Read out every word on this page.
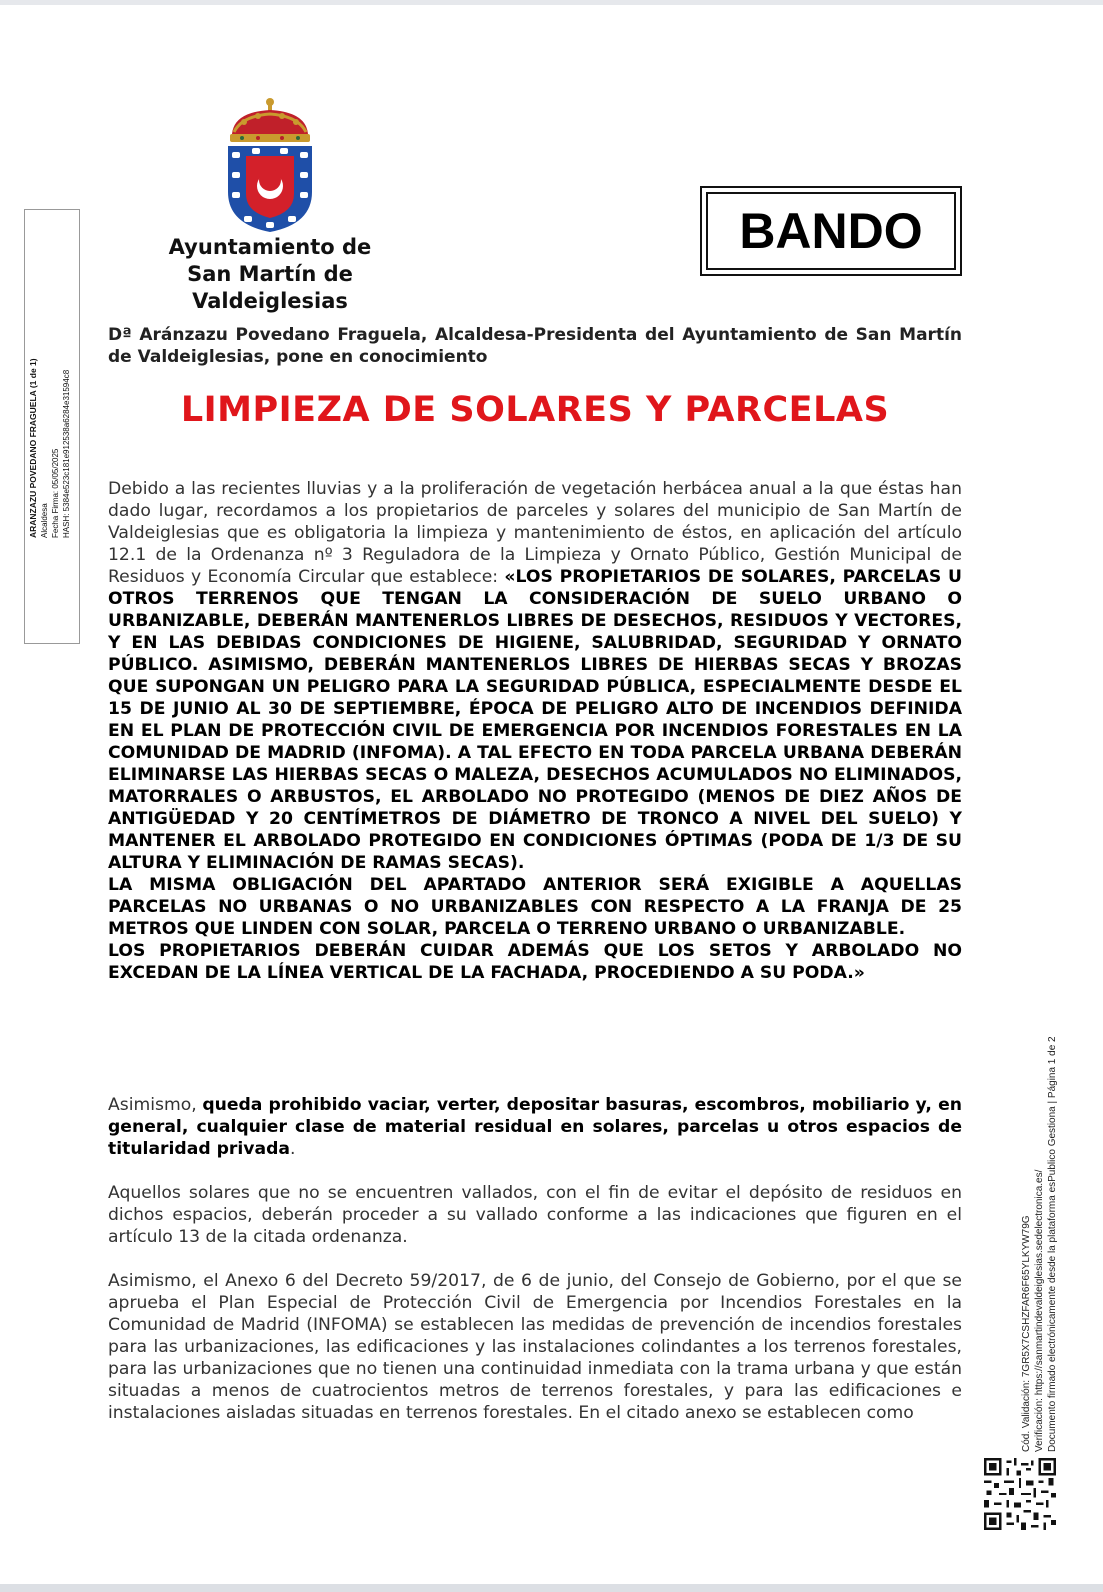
Ayuntamiento de
San Martín de Valdeiglesias
BANDO
ARANZAZU POVEDANO FRAGUELA (1 de 1) Alcaldesa Fecha Firma: 05/05/2025 HASH: 5384e523c181e912538a6284e31594c8
Dª Aránzazu Povedano Fraguela, Alcaldesa-Presidenta del Ayuntamiento de San Martín de Valdeiglesias, pone en conocimiento
LIMPIEZA DE SOLARES Y PARCELAS

Debido a las recientes lluvias y a la proliferación de vegetación herbácea anual a la que éstas han dado lugar, recordamos a los propietarios de parceles y solares del municipio de San Martín de Valdeiglesias que es obligatoria la limpieza y mantenimiento de éstos, en aplicación del artículo 12.1 de la Ordenanza nº 3 Reguladora de la Limpieza y Ornato Público, Gestión Municipal de Residuos y Economía Circular que establece: «LOS PROPIETARIOS DE SOLARES, PARCELAS U OTROS TERRENOS QUE TENGAN LA CONSIDERACIÓN DE SUELO URBANO O URBANIZABLE, DEBERÁN MANTENERLOS LIBRES DE DESECHOS, RESIDUOS Y VECTORES, Y EN LAS DEBIDAS CONDICIONES DE HIGIENE, SALUBRIDAD, SEGURIDAD Y ORNATO PÚBLICO. ASIMISMO, DEBERÁN MANTENERLOS LIBRES DE HIERBAS SECAS Y BROZAS QUE SUPONGAN UN PELIGRO PARA LA SEGURIDAD PÚBLICA, ESPECIALMENTE DESDE EL 15 DE JUNIO AL 30 DE SEPTIEMBRE, ÉPOCA DE PELIGRO ALTO DE INCENDIOS DEFINIDA EN EL PLAN DE PROTECCIÓN CIVIL DE EMERGENCIA POR INCENDIOS FORESTALES EN LA COMUNIDAD DE MADRID (INFOMA). A TAL EFECTO EN TODA PARCELA URBANA DEBERÁN ELIMINARSE LAS HIERBAS SECAS O MALEZA, DESECHOS ACUMULADOS NO ELIMINADOS, MATORRALES O ARBUSTOS, EL ARBOLADO NO PROTEGIDO (MENOS DE DIEZ AÑOS DE ANTIGÜEDAD Y 20 CENTÍMETROS DE DIÁMETRO DE TRONCO A NIVEL DEL SUELO) Y MANTENER EL ARBOLADO PROTEGIDO EN CONDICIONES ÓPTIMAS (PODA DE 1/3 DE SU ALTURA Y ELIMINACIÓN DE RAMAS SECAS).
LA MISMA OBLIGACIÓN DEL APARTADO ANTERIOR SERÁ EXIGIBLE A AQUELLAS PARCELAS NO URBANAS O NO URBANIZABLES CON RESPECTO A LA FRANJA DE 25 METROS QUE LINDEN CON SOLAR, PARCELA O TERRENO URBANO O URBANIZABLE.
LOS PROPIETARIOS DEBERÁN CUIDAR ADEMÁS QUE LOS SETOS Y ARBOLADO NO EXCEDAN DE LA LÍNEA VERTICAL DE LA FACHADA, PROCEDIENDO A SU PODA.»

Asimismo, queda prohibido vaciar, verter, depositar basuras, escombros, mobiliario y, en general, cualquier clase de material residual en solares, parcelas u otros espacios de titularidad privada.

Aquellos solares que no se encuentren vallados, con el fin de evitar el depósito de residuos en dichos espacios, deberán proceder a su vallado conforme a las indicaciones que figuren en el artículo 13 de la citada ordenanza.

Asimismo, el Anexo 6 del Decreto 59/2017, de 6 de junio, del Consejo de Gobierno, por el que se aprueba el Plan Especial de Protección Civil de Emergencia por Incendios Forestales en la Comunidad de Madrid (INFOMA) se establecen las medidas de prevención de incendios forestales para las urbanizaciones, las edificaciones y las instalaciones colindantes a los terrenos forestales, para las urbanizaciones que no tienen una continuidad inmediata con la trama urbana y que están situadas a menos de cuatrocientos metros de terrenos forestales, y para las edificaciones e instalaciones aisladas situadas en terrenos forestales. En el citado anexo se establecen como	Cód. Validación: 7GR5X7CSHZFAR6F65YLKYW79G Verificación: https://sanmartindevaldeiglesias.sedelectronica.es/ Documento firmado electrónicamente desde la plataforma esPublico Gestiona | Página 1 de 2
